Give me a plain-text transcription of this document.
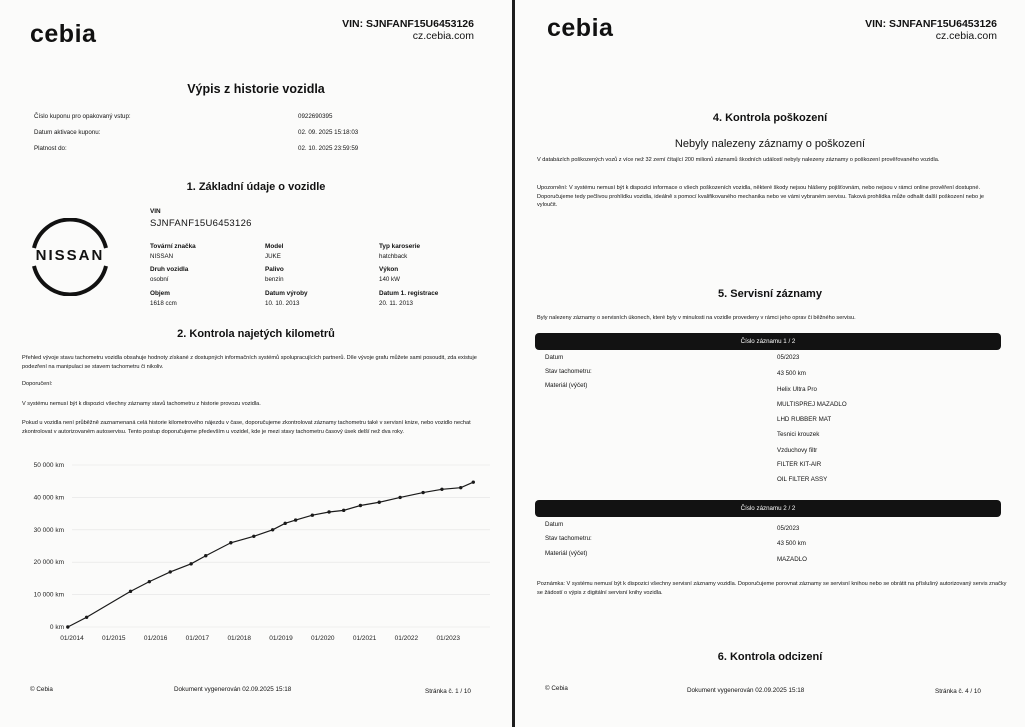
cebia	VIN: SJNFANF15U6453126
cz.cebia.com
Výpis z historie vozidla
Číslo kuponu pro opakovaný vstup:	0922690395
Datum aktivace kuponu:	02. 09. 2025 15:18:03
Platnost do:	02. 10. 2025 23:59:59
1. Základní údaje o vozidle
NISSAN
VIN
SJNFANF15U6453126
Tovární značka
NISSAN
Model
JUKE
Typ karoserie
hatchback
Druh vozidla
osobní
Palivo
benzín
Výkon
140 kW
Objem
1618 ccm
Datum výroby
10. 10. 2013
Datum 1. registrace
20. 11. 2013
2. Kontrola najetých kilometrů
Přehled vývoje stavu tachometru vozidla obsahuje hodnoty získané z dostupných informačních systémů spolupracujících partnerů. Díle vývoje grafu můžete sami posoudit, zda existuje podezření na manipulaci se stavem tachometru či nikoliv.
Doporučení:
V systému nemusí být k dispozici všechny záznamy stavů tachometru z historie provozu vozidla.
Pokud u vozidla není průběžně zaznamenaná celá historie kilometrového nájezdu v čase, doporučujeme zkontrolovat záznamy tachometru také v servisní knize, nebo vozidlo nechat zkontrolovat v autorizovaném autoservisu. Tento postup doporučujeme především u vozidel, kde je mezi stavy tachometru časový úsek delší než dva roky.
0 km
10 000 km
20 000 km
30 000 km
40 000 km
50 000 km
01/2014	01/2015	01/2016	01/2017	01/2018	01/2019	01/2020	01/2021	01/2022	01/2023
© Cebia	Dokument vygenerován 02.09.2025 15:18	Stránka č. 1 / 10
cebia	VIN: SJNFANF15U6453126
cz.cebia.com
4. Kontrola poškození
Nebyly nalezeny záznamy o poškození
V databázích poškozených vozů z více než 32 zemí čítající 200 milionů záznamů škodních událostí nebyly nalezeny záznamy o poškození prověřovaného vozidla.
Upozornění: V systému nemusí být k dispozici informace o všech poškozeních vozidla, některé škody nejsou hlášeny pojišťovnám, nebo nejsou v rámci online prověření dostupné. Doporučujeme tedy pečlivou prohlídku vozidla, ideálně s pomocí kvalifikovaného mechanika nebo ve vámi vybraném servisu. Taková prohlídka může odhalit další poškození nebo je vyloučit.
5. Servisní záznamy
Byly nalezeny záznamy o servisních úkonech, které byly v minulosti na vozidle provedeny v rámci jeho oprav či běžného servisu.
Číslo záznamu 1 / 2
Datum	05/2023
Stav tachometru:	43 500 km
Materiál (výčet)
Helix Ultra Pro
MULTISPREJ MAZADLO
LHD RUBBER MAT
Tesnici krouzek
Vzduchovy filtr
FILTER KIT-AIR
OIL FILTER ASSY
Číslo záznamu 2 / 2
Datum
05/2023
Stav tachometru:
43 500 km
Materiál (výčet)
MAZADLO
Poznámka: V systému nemusí být k dispozici všechny servisní záznamy vozidla. Doporučujeme porovnat záznamy se servisní knihou nebo se obrátit na příslušný autorizovaný servis značky se žádostí o výpis z digitální servisní knihy vozidla.
6. Kontrola odcizení
© Cebia	Dokument vygenerován 02.09.2025 15:18	Stránka č. 4 / 10
